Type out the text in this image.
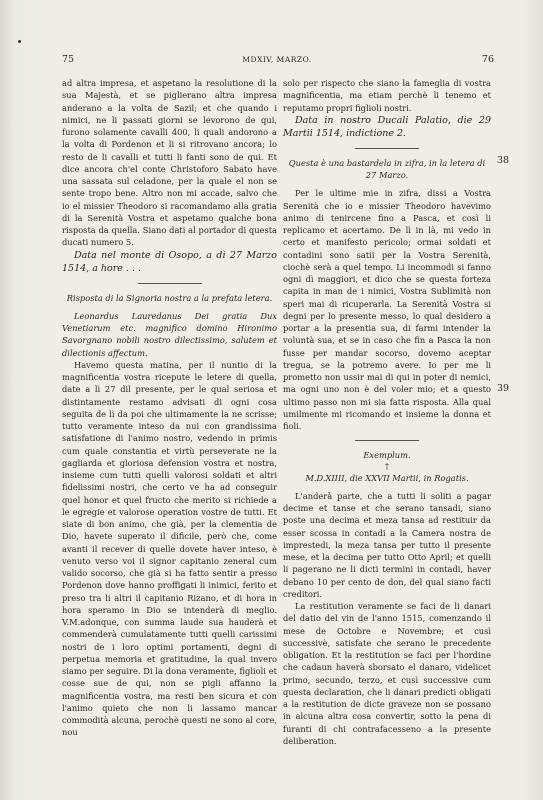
75	MDXIV, MARZO.	76
38
39

ad altra impresa, et aspetano la resolutione di la sua Majestà, et se piglierano altra impresa anderano a la volta de Sazil; et che quando i nimici, ne li passati giorni se levorono de qui, furono solamente cavalli 400, li quali andorono a la volta di Pordenon et li si ritrovano ancora; lo resto de li cavalli et tutti li fanti sono de qui. Et dice ancora ch'el conte Christoforo Sabato have una sassata sul celadone, per la quale el non se sente tropo bene. Altro non mi accade, salvo che io el missier Theodoro si racomandamo alla gratia di la Serenità Vostra et aspetamo qualche bona risposta da quella. Siano dati al portador di questa ducati numero 5.

Data nel monte di Osopo, a dì 27 Marzo 1514, a hore . . .

Risposta di la Signoria nostra a la prefata letera.

Leonardus Lauredanus Dei gratia Dux Venetiarum etc. magnifico domino Hironimo Savorgnano nobili nostro dilectissimo, salutem et dilectionis affectum.

Havemo questa matina, per il nuntio di la magnificentia vostra ricepute le letere di quella, date a lì 27 dil presente, per le qual seriosa et distintamente restamo advisati di ogni cosa seguita de lì da poi che ultimamente la ne scrisse; tutto veramente inteso da nui con grandissima satisfatione di l'animo nostro, vedendo in primis cum quale constantia et virtù perseverate ne la gagliarda et gloriosa defension vostra et nostra, insieme cum tutti quelli valorosi soldati et altri fidelissimi nostri, che certo ve ha ad conseguir quel honor et quel fructo che merito si richiede a le egregie et valorose operation vostre de tutti. Et siate di bon animo, che già, per la clementia de Dio, havete superato il dificile, però che, come avanti il recever di quelle dovete haver inteso, è venuto verso voi il signor capitanio zeneral cum valido socorso, che già si ha fatto sentir a presso Pordenon dove hanno proffigati li inimici, ferito et preso tra li altri il capitanio Rizano, et di hora in hora speramo in Dio se intenderà di meglio. V.M.adonque, con summa laude sua hauderà et commenderà cumulatamente tutti quelli carissimi nostri de i loro optimi portamenti, degni di perpetua memoria et gratitudine, la qual invero siamo per seguire. Di la dona veramente, figlioli et cosse sue de qui, non se pigli affanno la magnificentia vostra, ma resti ben sicura et con l'animo quieto che non li lassamo mancar commodità alcuna, perochè questi ne sono al core, nou

solo per rispecto che siano la fameglia di vostra magnificentia, ma etiam perchè li tenemo et reputamo propri figlioli nostri.

Data in nostro Ducali Palatio, die 29 Martii 1514, indictione 2.

Questa è una bastardela in zifra, in la letera di 27 Marzo.

Per le ultime mie in zifra, dissi a Vostra Serenità che io e missier Theodoro havevimo animo di tenircene fino a Pasca, et così li replicamo et acertamo. De lì in là, mi vedo in certo et manifesto pericolo; ormai soldati et contadini sono satii per la Vostra Serenità, ciochè serà a quel tempo. Li incommodi si fanno ogni dì maggiori, et dico che se questa forteza capita in man de i nimici, Vostra Sublimità non speri mai di ricuperarla. La Serenità Vostra si degni per lo presente messo, lo qual desidero a portar a la presentia sua, di farmi intender la voluntà sua, et se in caso che fin a Pasca la non fusse per mandar socorso, dovemo aceptar tregua, se la potremo avere. Io per me li prometto non ussir mai di qui in poter di nemici, ma ogni uno non è del voler mio; et a questo ultimo passo non mi sia fatta risposta. Alla qual umilmente mi ricomando et insieme la donna et fioli.

Exemplum.

†

M.D.XIIII, die XXVII Martii, in Rogatis.

L'anderà parte, che a tutti li soliti a pagar decime et tanse et che serano tansadi, siano poste una decima et meza tansa ad restituir da esser scossa in contadi a la Camera nostra de imprestedi, la meza tansa per tutto il presente mese, et la decima per tutto Otto April; et quelli li pagerano ne li dicti termini in contadi, haver debano 10 per cento de don, del qual siano facti creditori.

La restitution veramente se faci de li danari del datio del vin de l'anno 1515, comenzando il mese de Octobre e Novembre; et cusì successivè, satisfate che serano le precedente obligation. Et la restitution se faci per l'hordine che cadaun haverà sborsato el danaro, videlicet primo, secundo, terzo, et cusì successive cum questa declaration, che li danari predicti obligati a la restitution de dicte graveze non se possano in alcuna altra cosa convertir, sotto la pena di furanti di chi contrafacesseno a la presente deliberation.
